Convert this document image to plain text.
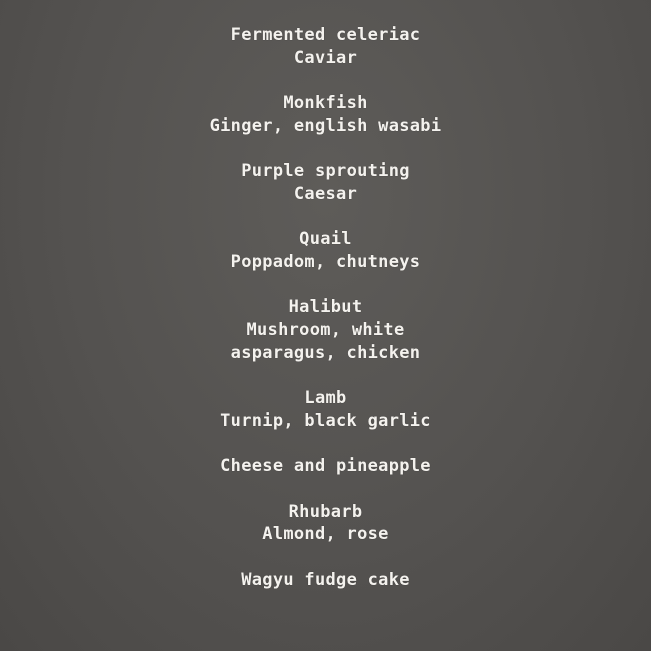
Fermented celeriac
Caviar
Monkfish
Ginger, english wasabi
Purple sprouting
Caesar
Quail
Poppadom, chutneys
Halibut
Mushroom, white
asparagus, chicken
Lamb
Turnip, black garlic
Cheese and pineapple
Rhubarb
Almond, rose
Wagyu fudge cake
